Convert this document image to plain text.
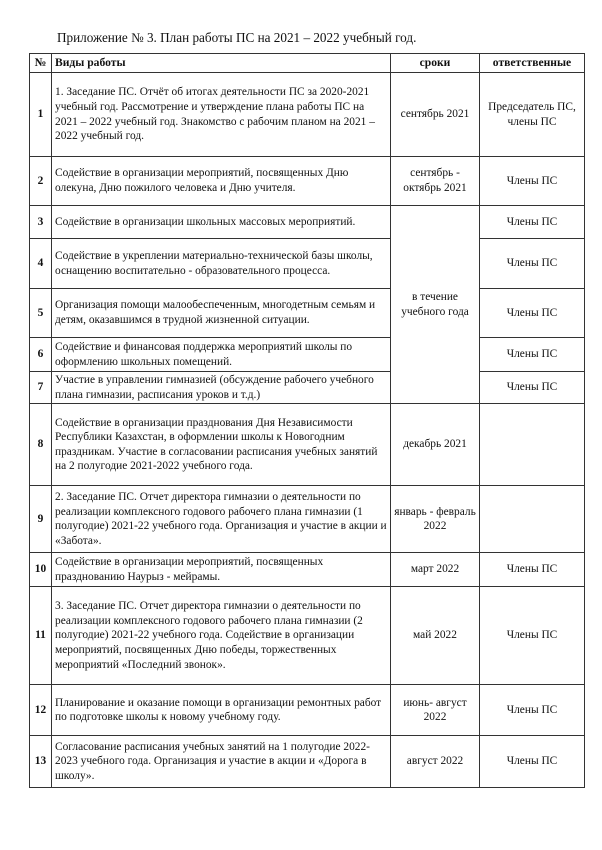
Приложение № 3. План работы ПС на 2021 – 2022 учебный год.
№	Виды работы	сроки	ответственные
1	1. Заседание ПС. Отчёт об итогах деятельности ПС за 2020-2021 учебный год. Рассмотрение и утверждение плана работы ПС на 2021 – 2022 учебный год. Знакомство с рабочим планом на 2021 – 2022 учебный год.	сентябрь 2021	Председатель ПС, члены ПС
2	Содействие в организации мероприятий, посвященных Дню олекуна, Дню пожилого человека и Дню учителя.	сентябрь - октябрь 2021	Члены ПС
3	Содействие в организации школьных массовых мероприятий.	в течение учебного года	Члены ПС
4	Содействие в укреплении материально-технической базы школы, оснащению воспитательно - образовательного процесса.		Члены ПС
5	Организация помощи малообеспеченным, многодетным семьям и детям, оказавшимся в трудной жизненной ситуации.		Члены ПС
6	Содействие и финансовая поддержка мероприятий школы по оформлению школьных помещений.		Члены ПС
7	Участие в управлении гимназией (обсуждение рабочего учебного плана гимназии, расписания уроков и т.д.)		Члены ПС
8	Содействие в организации празднования Дня Независимости Республики Казахстан, в оформлении школы к Новогодним праздникам. Участие в согласовании расписания учебных занятий на 2 полугодие 2021-2022 учебного года.	декабрь 2021	
9	2. Заседание ПС. Отчет директора гимназии о деятельности по реализации комплексного годового рабочего плана гимназии (1 полугодие) 2021-22 учебного года. Организация и участие в акции и «Забота».	январь - февраль 2022	
10	Содействие в организации мероприятий, посвященных празднованию Наурыз - мейрамы.	март 2022	Члены ПС
11	3. Заседание ПС. Отчет директора гимназии о деятельности по реализации комплексного годового рабочего плана гимназии (2 полугодие) 2021-22 учебного года. Содействие в организации мероприятий, посвященных Дню победы, торжественных мероприятий «Последний звонок».	май 2022	Члены ПС
12	Планирование и оказание помощи в организации ремонтных работ по подготовке школы к новому учебному году.	июнь- август 2022	Члены ПС
13	Согласование расписания учебных занятий на 1 полугодие 2022-2023 учебного года. Организация и участие в акции и «Дорога в школу».	август 2022	Члены ПС
